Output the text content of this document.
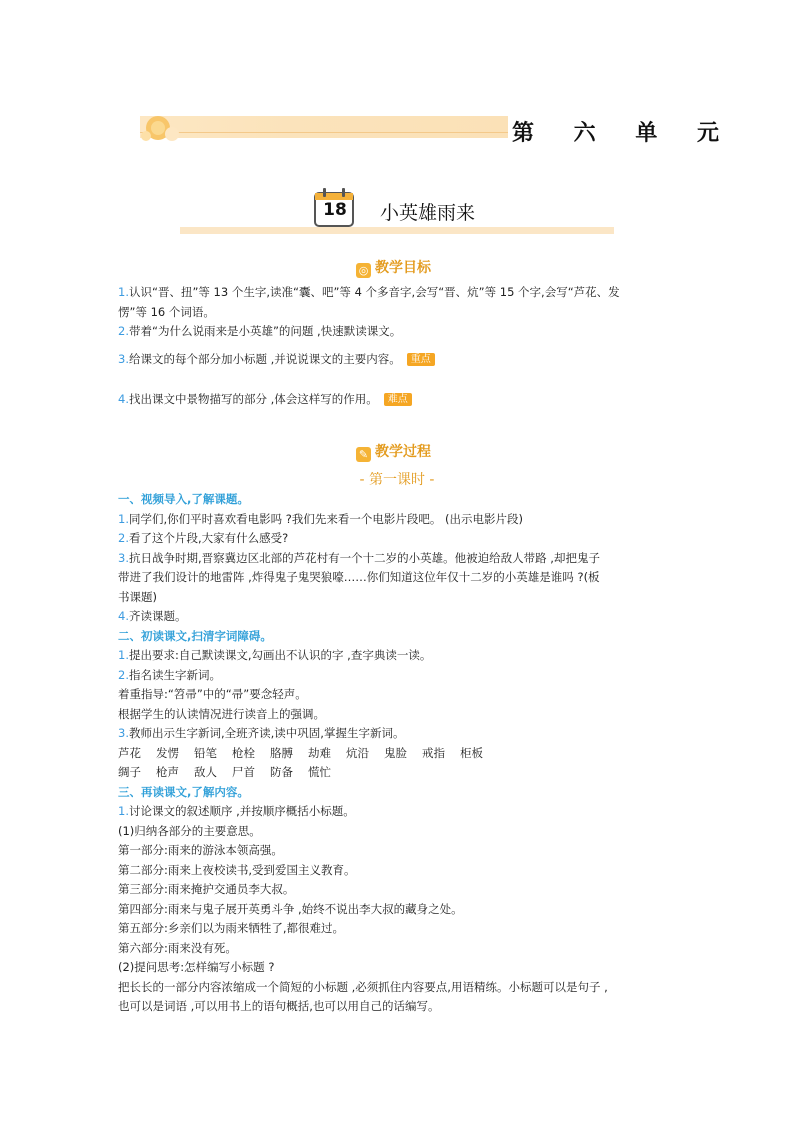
第 六 单 元
18	小英雄雨来
◎ 教学目标
1.认识“晋、扭”等 13 个生字,读准“囊、吧”等 4 个多音字,会写“晋、炕”等 15 个字,会写“芦花、发
愣”等 16 个词语。
2.带着“为什么说雨来是小英雄”的问题 ,快速默读课文。
3.给课文的每个部分加小标题 ,并说说课文的主要内容。 重点
4.找出课文中景物描写的部分 ,体会这样写的作用。 难点
✎ 教学过程
- 第一课时 -
一、视频导入,了解课题。
1.同学们,你们平时喜欢看电影吗 ?我们先来看一个电影片段吧。 (出示电影片段)
2.看了这个片段,大家有什么感受?
3.抗日战争时期,晋察冀边区北部的芦花村有一个十二岁的小英雄。他被迫给敌人带路 ,却把鬼子
带进了我们设计的地雷阵 ,炸得鬼子鬼哭狼嚎……你们知道这位年仅十二岁的小英雄是谁吗 ?(板
书课题)
4.齐读课题。
二、初读课文,扫清字词障碍。
1.提出要求:自己默读课文,勾画出不认识的字 ,查字典读一读。
2.指名读生字新词。
着重指导:“笤帚”中的“帚”要念轻声。
根据学生的认读情况进行读音上的强调。
3.教师出示生字新词,全班齐读,读中巩固,掌握生字新词。
芦花 发愣 铅笔 枪栓 胳膊 劫难 炕沿 鬼脸 戒指 柜板
绸子 枪声 敌人 尸首 防备 慌忙
三、再读课文,了解内容。
1.讨论课文的叙述顺序 ,并按顺序概括小标题。
(1)归纳各部分的主要意思。
第一部分:雨来的游泳本领高强。
第二部分:雨来上夜校读书,受到爱国主义教育。
第三部分:雨来掩护交通员李大叔。
第四部分:雨来与鬼子展开英勇斗争 ,始终不说出李大叔的藏身之处。
第五部分:乡亲们以为雨来牺牲了,都很难过。
第六部分:雨来没有死。
(2)提问思考:怎样编写小标题 ?
把长长的一部分内容浓缩成一个简短的小标题 ,必须抓住内容要点,用语精练。小标题可以是句子 ,
也可以是词语 ,可以用书上的语句概括,也可以用自己的话编写。
